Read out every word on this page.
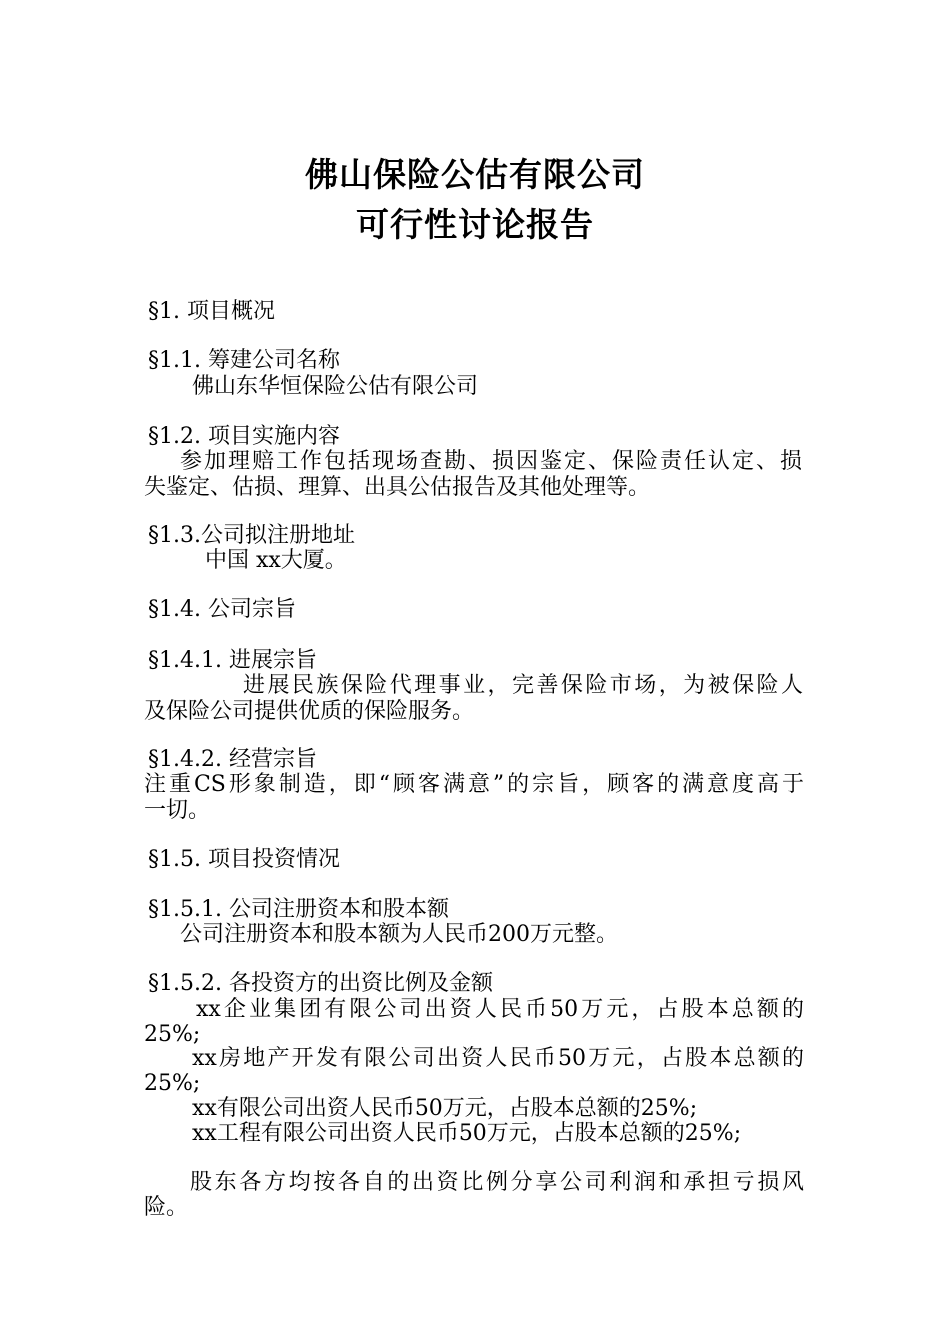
佛山保险公估有限公司
可行性讨论报告
§1. 项目概况
§1.1. 筹建公司名称
佛山东华恒保险公估有限公司
§1.2. 项目实施内容
参加理赔工作包括现场查勘、损因鉴定、保险责任认定、损
失鉴定、估损、理算、出具公估报告及其他处理等。
§1.3.公司拟注册地址
中国 xx大厦。
§1.4. 公司宗旨
§1.4.1. 进展宗旨
进展民族保险代理事业，完善保险市场，为被保险人
及保险公司提供优质的保险服务。
§1.4.2. 经营宗旨
注重CS形象制造，即“顾客满意”的宗旨，顾客的满意度高于
一切。
§1.5. 项目投资情况
§1.5.1. 公司注册资本和股本额
公司注册资本和股本额为人民币200万元整。
§1.5.2. 各投资方的出资比例及金额
xx企业集团有限公司出资人民币50万元，占股本总额的
25%;
xx房地产开发有限公司出资人民币50万元，占股本总额的
25%;
xx有限公司出资人民币50万元，占股本总额的25%;
xx工程有限公司出资人民币50万元，占股本总额的25%;
股东各方均按各自的出资比例分享公司利润和承担亏损风
险。
